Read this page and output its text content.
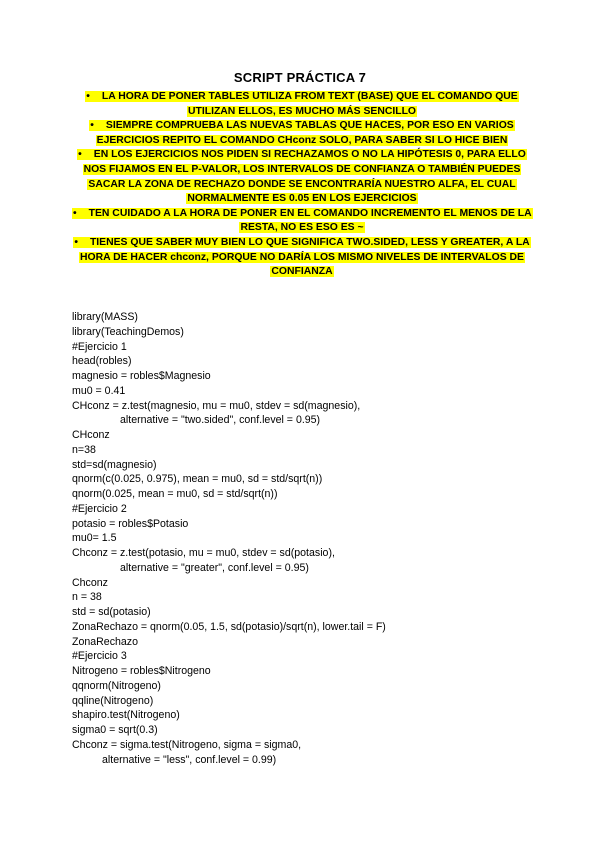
SCRIPT PRÁCTICA 7
• LA HORA DE PONER TABLES UTILIZA FROM TEXT (BASE) QUE EL COMANDO QUE UTILIZAN ELLOS, ES MUCHO MÁS SENCILLO
• SIEMPRE COMPRUEBA LAS NUEVAS TABLAS QUE HACES, POR ESO EN VARIOS EJERCICIOS REPITO EL COMANDO CHconz SOLO, PARA SABER SI LO HICE BIEN
• EN LOS EJERCICIOS NOS PIDEN SI RECHAZAMOS O NO LA HIPÓTESIS 0, PARA ELLO NOS FIJAMOS EN EL P-VALOR, LOS INTERVALOS DE CONFIANZA O TAMBIÉN PUEDES SACAR LA ZONA DE RECHAZO DONDE SE ENCONTRARÍA NUESTRO ALFA, EL CUAL NORMALMENTE ES 0.05 EN LOS EJERCICIOS
• TEN CUIDADO A LA HORA DE PONER EN EL COMANDO INCREMENTO EL MENOS DE LA RESTA, NO ES ESO ES ~
• TIENES QUE SABER MUY BIEN LO QUE SIGNIFICA TWO.SIDED, LESS Y GREATER, A LA HORA DE HACER chconz, PORQUE NO DARÍA LOS MISMO NIVELES DE INTERVALOS DE CONFIANZA
library(MASS)
library(TeachingDemos)
#Ejercicio 1
head(robles)
magnesio = robles$Magnesio
mu0 = 0.41
CHconz = z.test(magnesio, mu = mu0, stdev = sd(magnesio),
alternative = "two.sided", conf.level = 0.95)
CHconz
n=38
std=sd(magnesio)
qnorm(c(0.025, 0.975), mean = mu0, sd = std/sqrt(n))
qnorm(0.025, mean = mu0, sd = std/sqrt(n))
#Ejercicio 2
potasio = robles$Potasio
mu0= 1.5
Chconz = z.test(potasio, mu = mu0, stdev = sd(potasio),
alternative = "greater", conf.level = 0.95)
Chconz
n = 38
std = sd(potasio)
ZonaRechazo = qnorm(0.05, 1.5, sd(potasio)/sqrt(n), lower.tail = F)
ZonaRechazo
#Ejercicio 3
Nitrogeno = robles$Nitrogeno
qqnorm(Nitrogeno)
qqline(Nitrogeno)
shapiro.test(Nitrogeno)
sigma0 = sqrt(0.3)
Chconz = sigma.test(Nitrogeno, sigma = sigma0,
alternative = "less", conf.level = 0.99)
